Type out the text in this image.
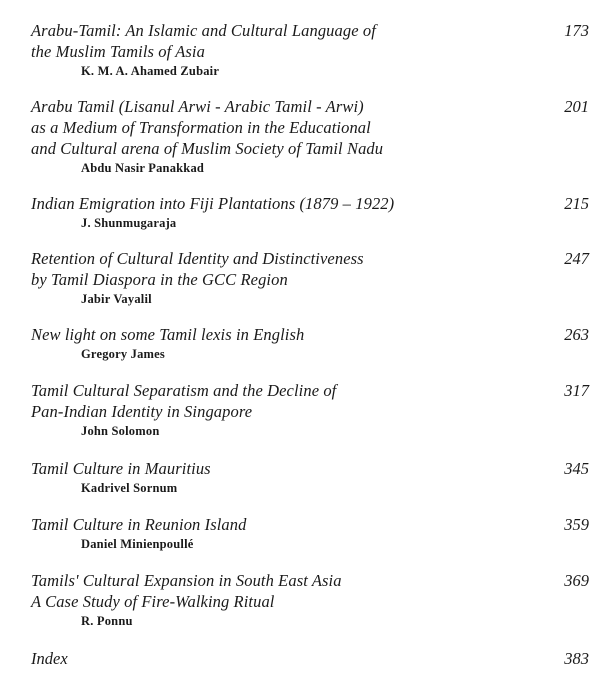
Arabu-Tamil: An Islamic and Cultural Language of
the Muslim Tamils of Asia
K. M. A. Ahamed Zubair
173
Arabu Tamil (Lisanul Arwi - Arabic Tamil - Arwi)
as a Medium of Transformation in the Educational
and Cultural arena of Muslim Society of Tamil Nadu
Abdu Nasir Panakkad
201
Indian Emigration into Fiji Plantations (1879 – 1922)
J. Shunmugaraja
215
Retention of Cultural Identity and Distinctiveness
by Tamil Diaspora in the GCC Region
Jabir Vayalil
247
New light on some Tamil lexis in English
Gregory James
263
Tamil Cultural Separatism and the Decline of
Pan-Indian Identity in Singapore
John Solomon
317
Tamil Culture in Mauritius
Kadrivel Sornum
345
Tamil Culture in Reunion Island
Daniel Minienpoullé
359
Tamils' Cultural Expansion in South East Asia
A Case Study of Fire-Walking Ritual
R. Ponnu
369
Index	383
